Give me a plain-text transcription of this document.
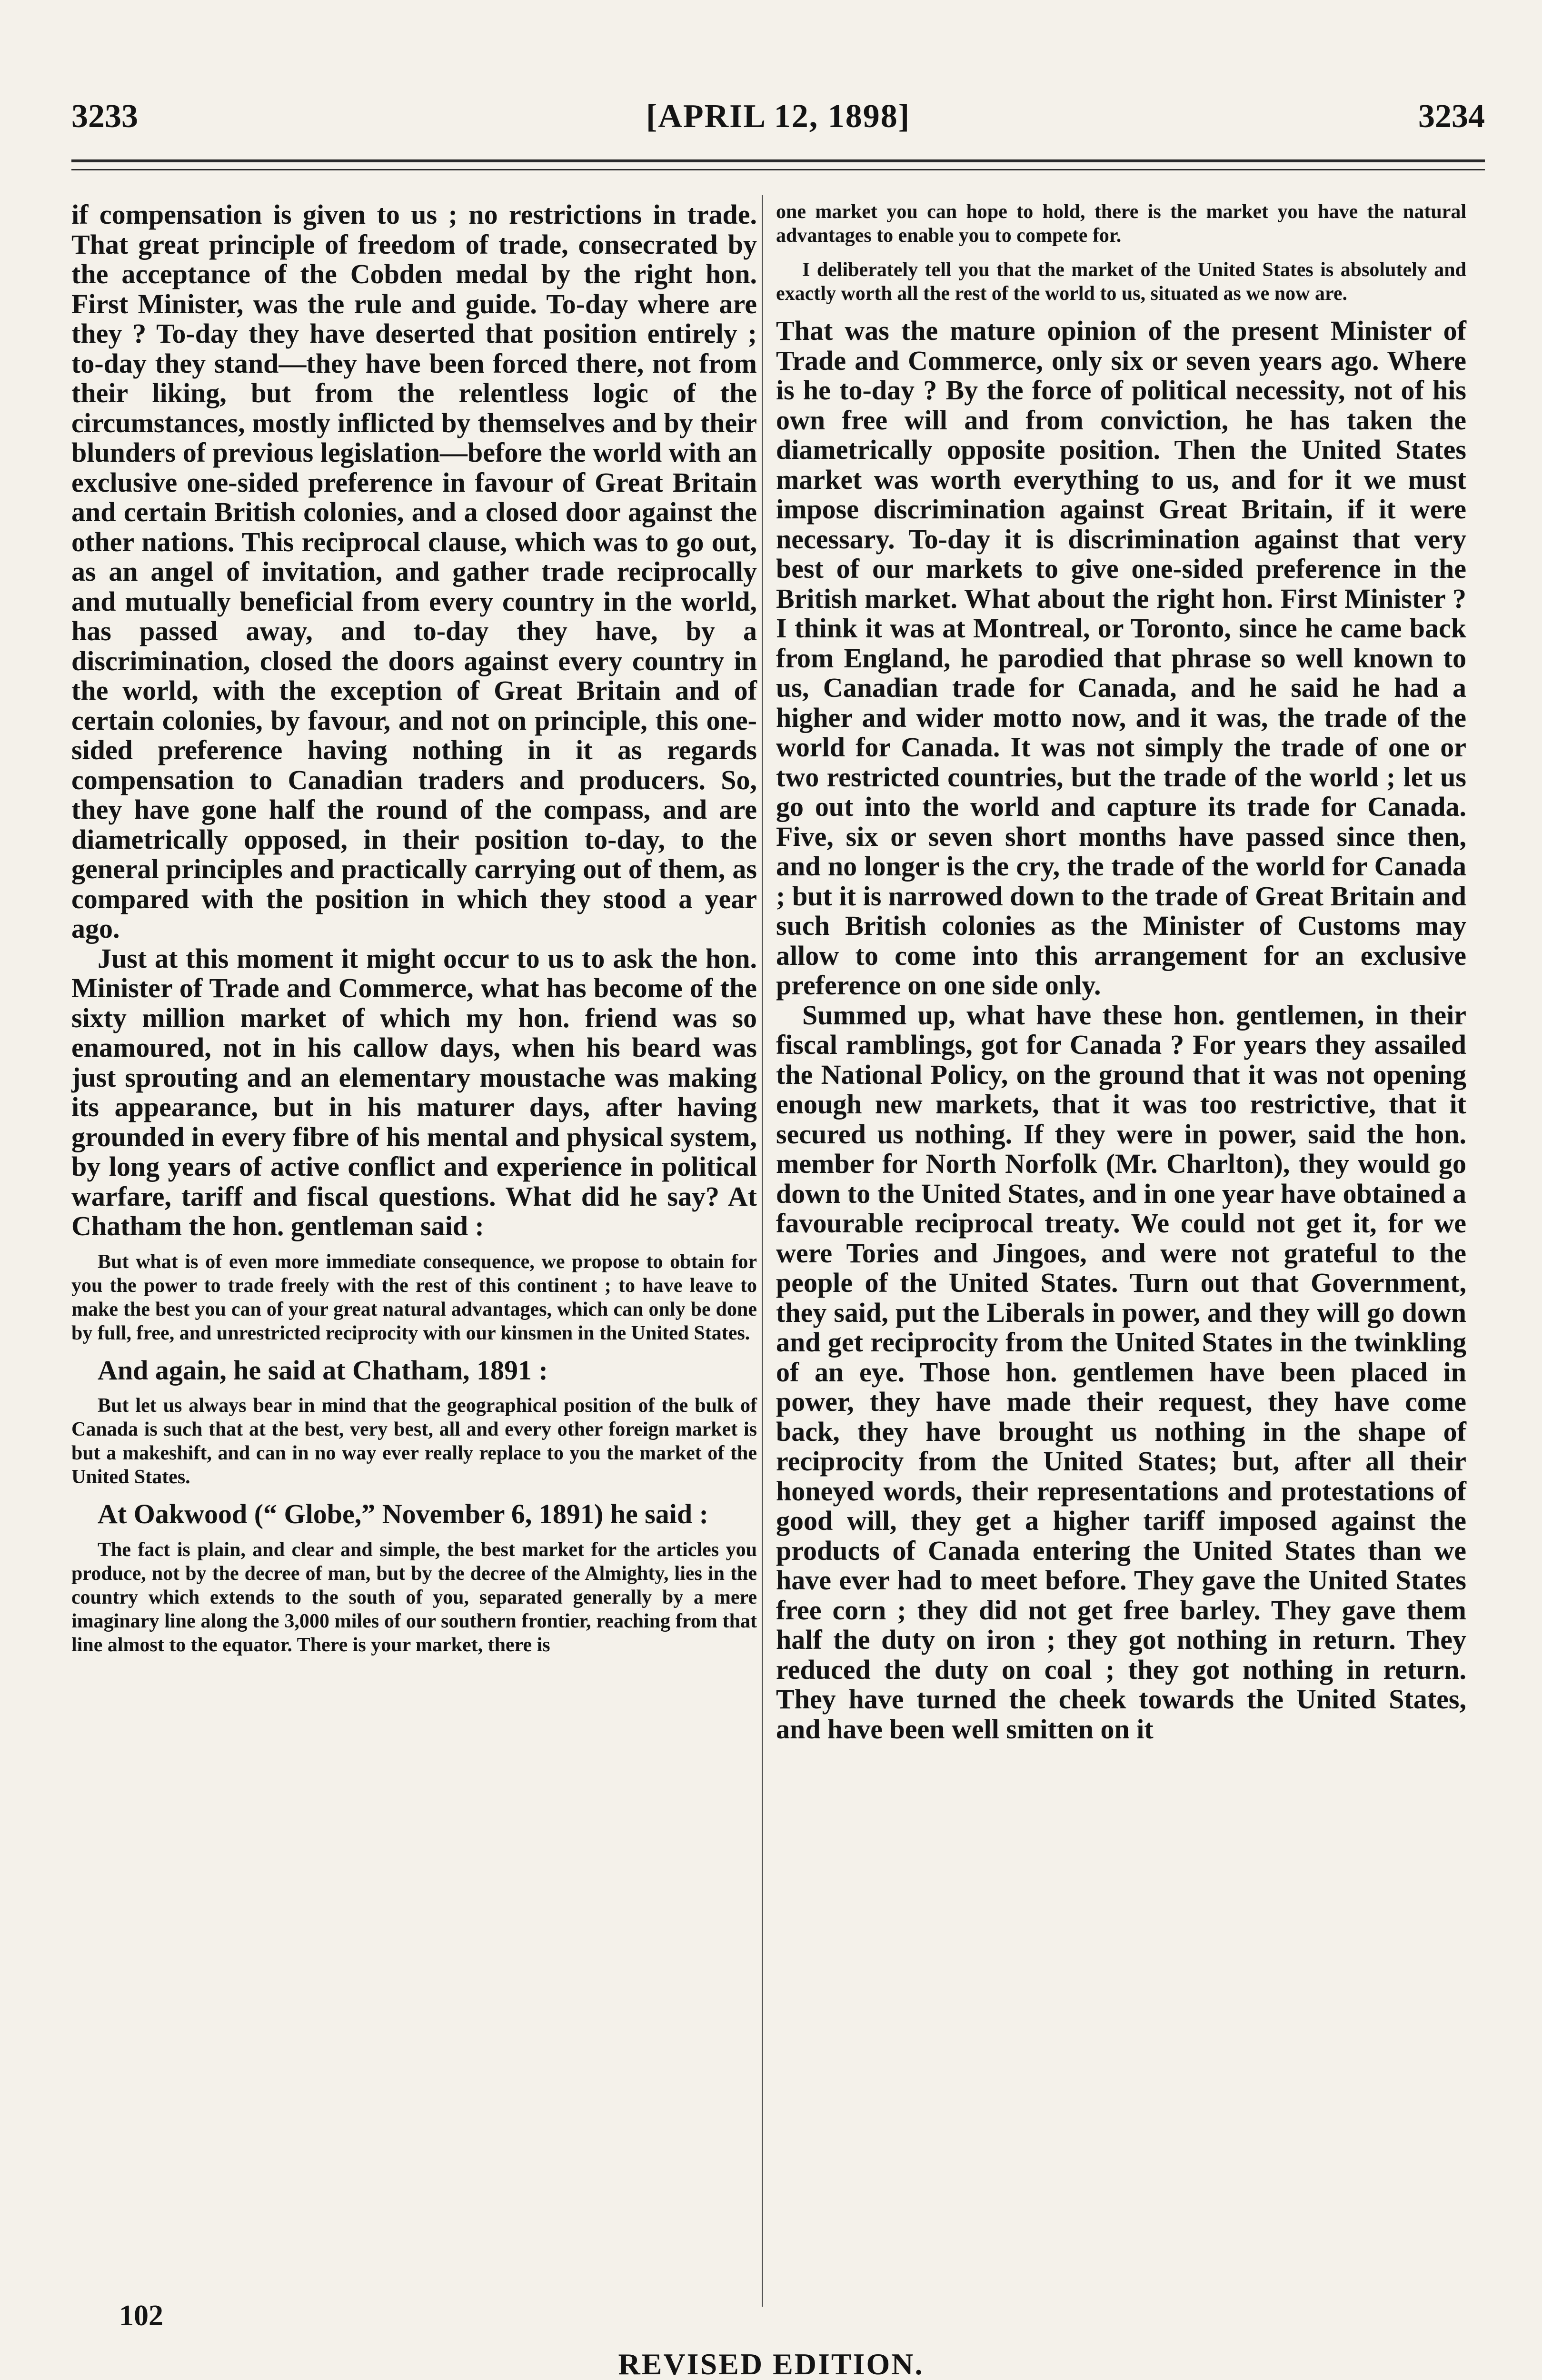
3233	[APRIL 12, 1898]	3234

if compensation is given to us ; no restrictions in trade. That great principle of freedom of trade, consecrated by the acceptance of the Cobden medal by the right hon. First Minister, was the rule and guide. To-day where are they ? To-day they have deserted that position entirely ; to-day they stand—they have been forced there, not from their liking, but from the relentless logic of the circumstances, mostly inflicted by themselves and by their blunders of previous legislation—before the world with an exclusive one-sided preference in favour of Great Britain and certain British colonies, and a closed door against the other nations. This reciprocal clause, which was to go out, as an angel of invitation, and gather trade reciprocally and mutually beneficial from every country in the world, has passed away, and to-day they have, by a discrimination, closed the doors against every country in the world, with the exception of Great Britain and of certain colonies, by favour, and not on principle, this one-sided preference having nothing in it as regards compensation to Canadian traders and producers. So, they have gone half the round of the compass, and are diametrically opposed, in their position to-day, to the general principles and practically carrying out of them, as compared with the position in which they stood a year ago.

Just at this moment it might occur to us to ask the hon. Minister of Trade and Commerce, what has become of the sixty million market of which my hon. friend was so enamoured, not in his callow days, when his beard was just sprouting and an elementary moustache was making its appearance, but in his maturer days, after having grounded in every fibre of his mental and physical system, by long years of active conflict and experience in political warfare, tariff and fiscal questions. What did he say? At Chatham the hon. gentleman said :

But what is of even more immediate consequence, we propose to obtain for you the power to trade freely with the rest of this continent ; to have leave to make the best you can of your great natural advantages, which can only be done by full, free, and unrestricted reciprocity with our kinsmen in the United States.

And again, he said at Chatham, 1891 :

But let us always bear in mind that the geographical position of the bulk of Canada is such that at the best, very best, all and every other foreign market is but a makeshift, and can in no way ever really replace to you the market of the United States.

At Oakwood (“ Globe,” November 6, 1891) he said :

The fact is plain, and clear and simple, the best market for the articles you produce, not by the decree of man, but by the decree of the Almighty, lies in the country which extends to the south of you, separated generally by a mere imaginary line along the 3,000 miles of our southern frontier, reaching from that line almost to the equator. There is your market, there is

one market you can hope to hold, there is the market you have the natural advantages to enable you to compete for.

I deliberately tell you that the market of the United States is absolutely and exactly worth all the rest of the world to us, situated as we now are.

That was the mature opinion of the present Minister of Trade and Commerce, only six or seven years ago. Where is he to-day ? By the force of political necessity, not of his own free will and from conviction, he has taken the diametrically opposite position. Then the United States market was worth everything to us, and for it we must impose discrimination against Great Britain, if it were necessary. To-day it is discrimination against that very best of our markets to give one-sided preference in the British market. What about the right hon. First Minister ? I think it was at Montreal, or Toronto, since he came back from England, he parodied that phrase so well known to us, Canadian trade for Canada, and he said he had a higher and wider motto now, and it was, the trade of the world for Canada. It was not simply the trade of one or two restricted countries, but the trade of the world ; let us go out into the world and capture its trade for Canada. Five, six or seven short months have passed since then, and no longer is the cry, the trade of the world for Canada ; but it is narrowed down to the trade of Great Britain and such British colonies as the Minister of Customs may allow to come into this arrangement for an exclusive preference on one side only.

Summed up, what have these hon. gentlemen, in their fiscal ramblings, got for Canada ? For years they assailed the National Policy, on the ground that it was not opening enough new markets, that it was too restrictive, that it secured us nothing. If they were in power, said the hon. member for North Norfolk (Mr. Charlton), they would go down to the United States, and in one year have obtained a favourable reciprocal treaty. We could not get it, for we were Tories and Jingoes, and were not grateful to the people of the United States. Turn out that Government, they said, put the Liberals in power, and they will go down and get reciprocity from the United States in the twinkling of an eye. Those hon. gentlemen have been placed in power, they have made their request, they have come back, they have brought us nothing in the shape of reciprocity from the United States; but, after all their honeyed words, their representations and protestations of good will, they get a higher tariff imposed against the products of Canada entering the United States than we have ever had to meet before. They gave the United States free corn ; they did not get free barley. They gave them half the duty on iron ; they got nothing in return. They reduced the duty on coal ; they got nothing in return. They have turned the cheek towards the United States, and have been well smitten on it

102
REVISED EDITION.
